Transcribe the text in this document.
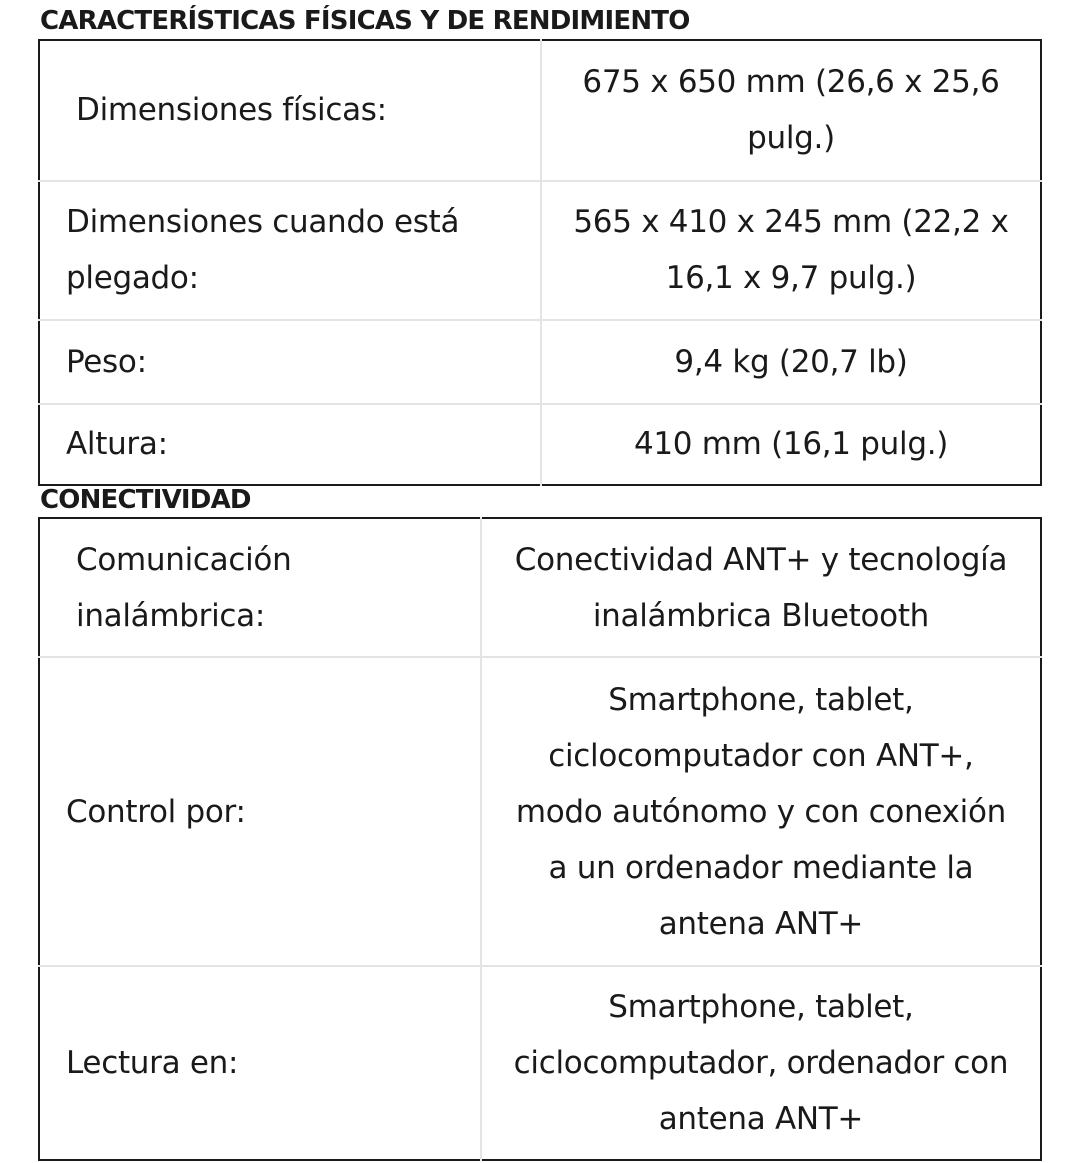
CARACTERÍSTICAS FÍSICAS Y DE RENDIMIENTO
Dimensiones físicas:	675 x 650 mm (26,6 x 25,6 pulg.)
Dimensiones cuando está plegado:	565 x 410 x 245 mm (22,2 x 16,1 x 9,7 pulg.)
Peso:	9,4 kg (20,7 lb)
Altura:	410 mm (16,1 pulg.)
CONECTIVIDAD
Comunicación inalámbrica:	Conectividad ANT+ y tecnología inalámbrica Bluetooth
Control por:	Smartphone, tablet, ciclocomputador con ANT+, modo autónomo y con conexión a un ordenador mediante la antena ANT+
Lectura en:	Smartphone, tablet, ciclocomputador, ordenador con antena ANT+
